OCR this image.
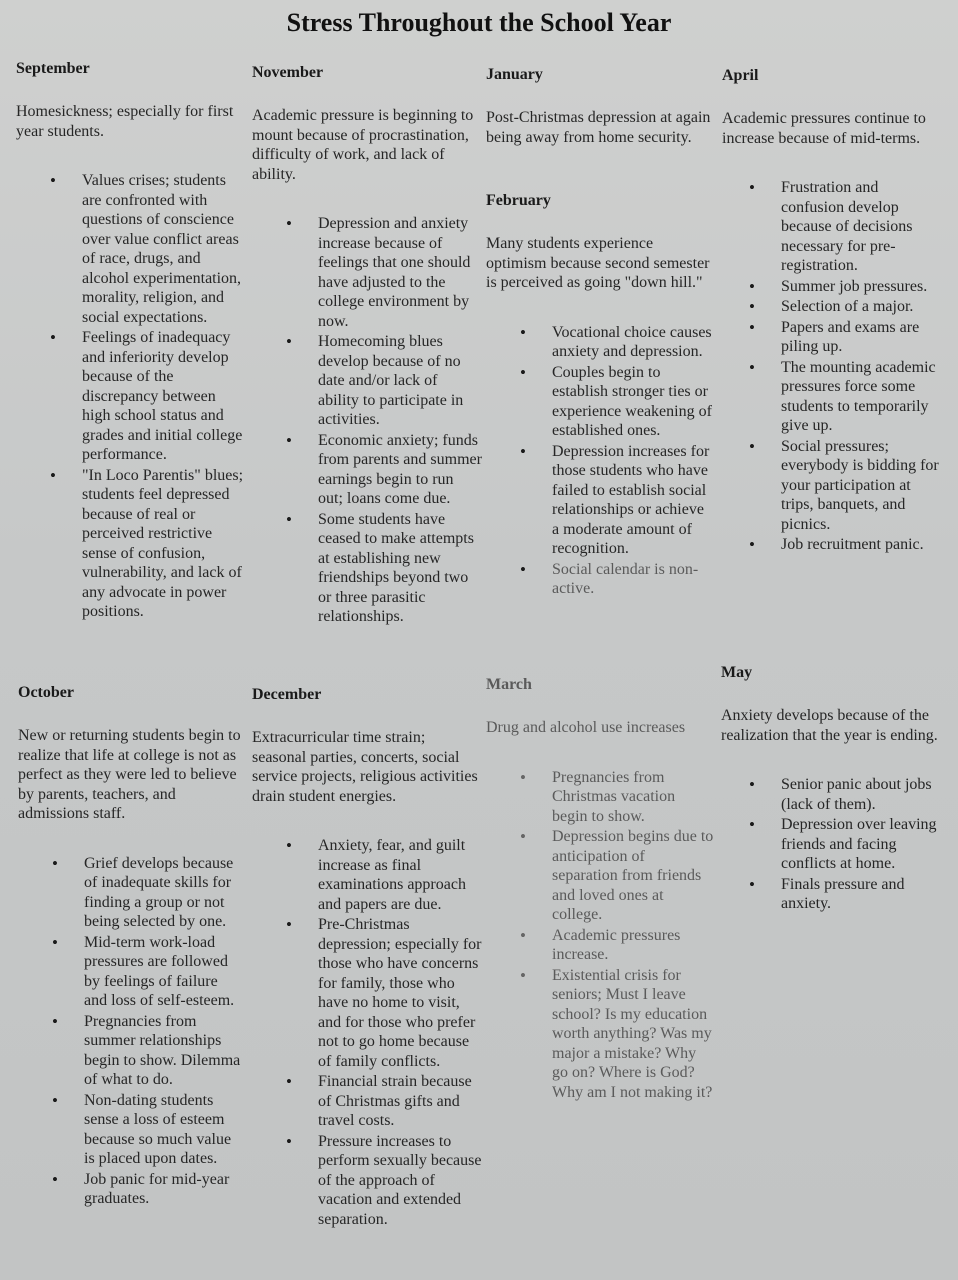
Stress Throughout the School Year
September
Homesickness; especially for first year students.
• Values crises; students are confronted with questions of conscience over value conflict areas of race, drugs, and alcohol experimentation, morality, religion, and social expectations.
• Feelings of inadequacy and inferiority develop because of the discrepancy between high school status and grades and initial college performance.
• "In Loco Parentis" blues; students feel depressed because of real or perceived restrictive sense of confusion, vulnerability, and lack of any advocate in power positions.
October
New or returning students begin to realize that life at college is not as perfect as they were led to believe by parents, teachers, and admissions staff.
• Grief develops because of inadequate skills for finding a group or not being selected by one.
• Mid-term work-load pressures are followed by feelings of failure and loss of self-esteem.
• Pregnancies from summer relationships begin to show. Dilemma of what to do.
• Non-dating students sense a loss of esteem because so much value is placed upon dates.
• Job panic for mid-year graduates.
November
Academic pressure is beginning to mount because of procrastination, difficulty of work, and lack of ability.
• Depression and anxiety increase because of feelings that one should have adjusted to the college environment by now.
• Homecoming blues develop because of no date and/or lack of ability to participate in activities.
• Economic anxiety; funds from parents and summer earnings begin to run out; loans come due.
• Some students have ceased to make attempts at establishing new friendships beyond two or three parasitic relationships.
December
Extracurricular time strain; seasonal parties, concerts, social service projects, religious activities drain student energies.
• Anxiety, fear, and guilt increase as final examinations approach and papers are due.
• Pre-Christmas depression; especially for those who have concerns for family, those who have no home to visit, and for those who prefer not to go home because of family conflicts.
• Financial strain because of Christmas gifts and travel costs.
• Pressure increases to perform sexually because of the approach of vacation and extended separation.
January
Post-Christmas depression at again being away from home security.
February
Many students experience optimism because second semester is perceived as going "down hill."
• Vocational choice causes anxiety and depression.
• Couples begin to establish stronger ties or experience weakening of established ones.
• Depression increases for those students who have failed to establish social relationships or achieve a moderate amount of recognition.
• Social calendar is non-active.
March
Drug and alcohol use increases
• Pregnancies from Christmas vacation begin to show.
• Depression begins due to anticipation of separation from friends and loved ones at college.
• Academic pressures increase.
• Existential crisis for seniors; Must I leave school? Is my education worth anything? Was my major a mistake? Why go on? Where is God? Why am I not making it?
April
Academic pressures continue to increase because of mid-terms.
• Frustration and confusion develop because of decisions necessary for pre-registration.
• Summer job pressures.
• Selection of a major.
• Papers and exams are piling up.
• The mounting academic pressures force some students to temporarily give up.
• Social pressures; everybody is bidding for your participation at trips, banquets, and picnics.
• Job recruitment panic.
May
Anxiety develops because of the realization that the year is ending.
• Senior panic about jobs (lack of them).
• Depression over leaving friends and facing conflicts at home.
• Finals pressure and anxiety.
